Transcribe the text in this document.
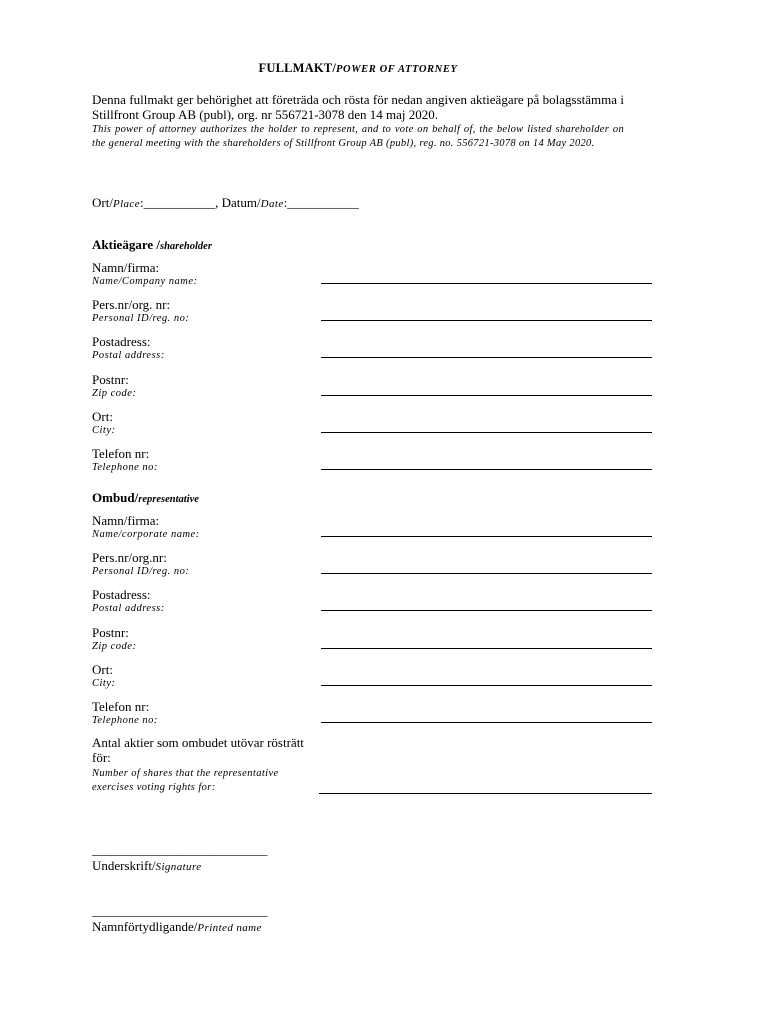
FULLMAKT/POWER OF ATTORNEY
Denna fullmakt ger behörighet att företräda och rösta för nedan angiven aktieägare på bolagsstämma i Stillfront Group AB (publ), org. nr 556721-3078 den 14 maj 2020.
This power of attorney authorizes the holder to represent, and to vote on behalf of, the below listed shareholder on the general meeting with the shareholders of Stillfront Group AB (publ), reg. no. 556721-3078 on 14 May 2020.
Ort/Place:___________, Datum/Date:___________
Aktieägare /shareholder
Namn/firma:
Name/Company name:
Pers.nr/org. nr:
Personal ID/reg. no:
Postadress:
Postal address:
Postnr:
Zip code:
Ort:
City:
Telefon nr:
Telephone no:
Ombud/representative
Namn/firma:
Name/corporate name:
Pers.nr/org.nr:
Personal ID/reg. no:
Postadress:
Postal address:
Postnr:
Zip code:
Ort:
City:
Telefon nr:
Telephone no:
Antal aktier som ombudet utövar rösträtt för:
Number of shares that the representative exercises voting rights for:
___________________________
Underskrift/Signature
___________________________
Namnförtydligande/Printed name
